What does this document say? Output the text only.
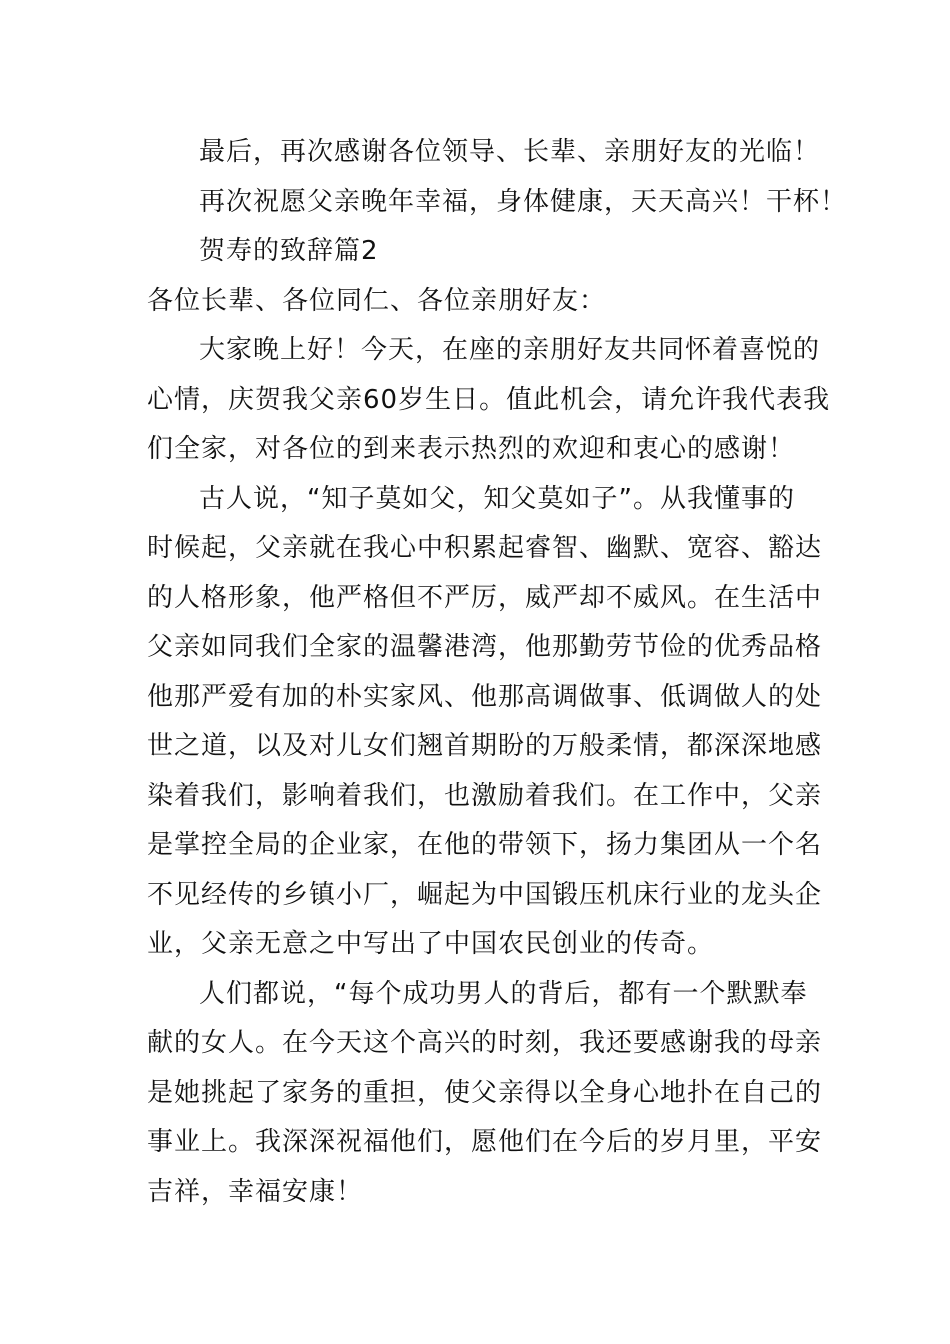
最后，再次感谢各位领导、长辈、亲朋好友的光临！
再次祝愿父亲晚年幸福，身体健康，天天高兴！干杯！
贺寿的致辞篇2
各位长辈、各位同仁、各位亲朋好友：
大家晚上好！今天，在座的亲朋好友共同怀着喜悦的
心情，庆贺我父亲60岁生日。值此机会，请允许我代表我
们全家，对各位的到来表示热烈的欢迎和衷心的感谢！
古人说，“知子莫如父，知父莫如子”。从我懂事的
时候起，父亲就在我心中积累起睿智、幽默、宽容、豁达
的人格形象，他严格但不严厉，威严却不威风。在生活中
父亲如同我们全家的温馨港湾，他那勤劳节俭的优秀品格
他那严爱有加的朴实家风、他那高调做事、低调做人的处
世之道，以及对儿女们翘首期盼的万般柔情，都深深地感
染着我们，影响着我们，也激励着我们。在工作中，父亲
是掌控全局的企业家，在他的带领下，扬力集团从一个名
不见经传的乡镇小厂，崛起为中国锻压机床行业的龙头企
业，父亲无意之中写出了中国农民创业的传奇。
人们都说，“每个成功男人的背后，都有一个默默奉
献的女人。在今天这个高兴的时刻，我还要感谢我的母亲
是她挑起了家务的重担，使父亲得以全身心地扑在自己的
事业上。我深深祝福他们，愿他们在今后的岁月里，平安
吉祥，幸福安康！
